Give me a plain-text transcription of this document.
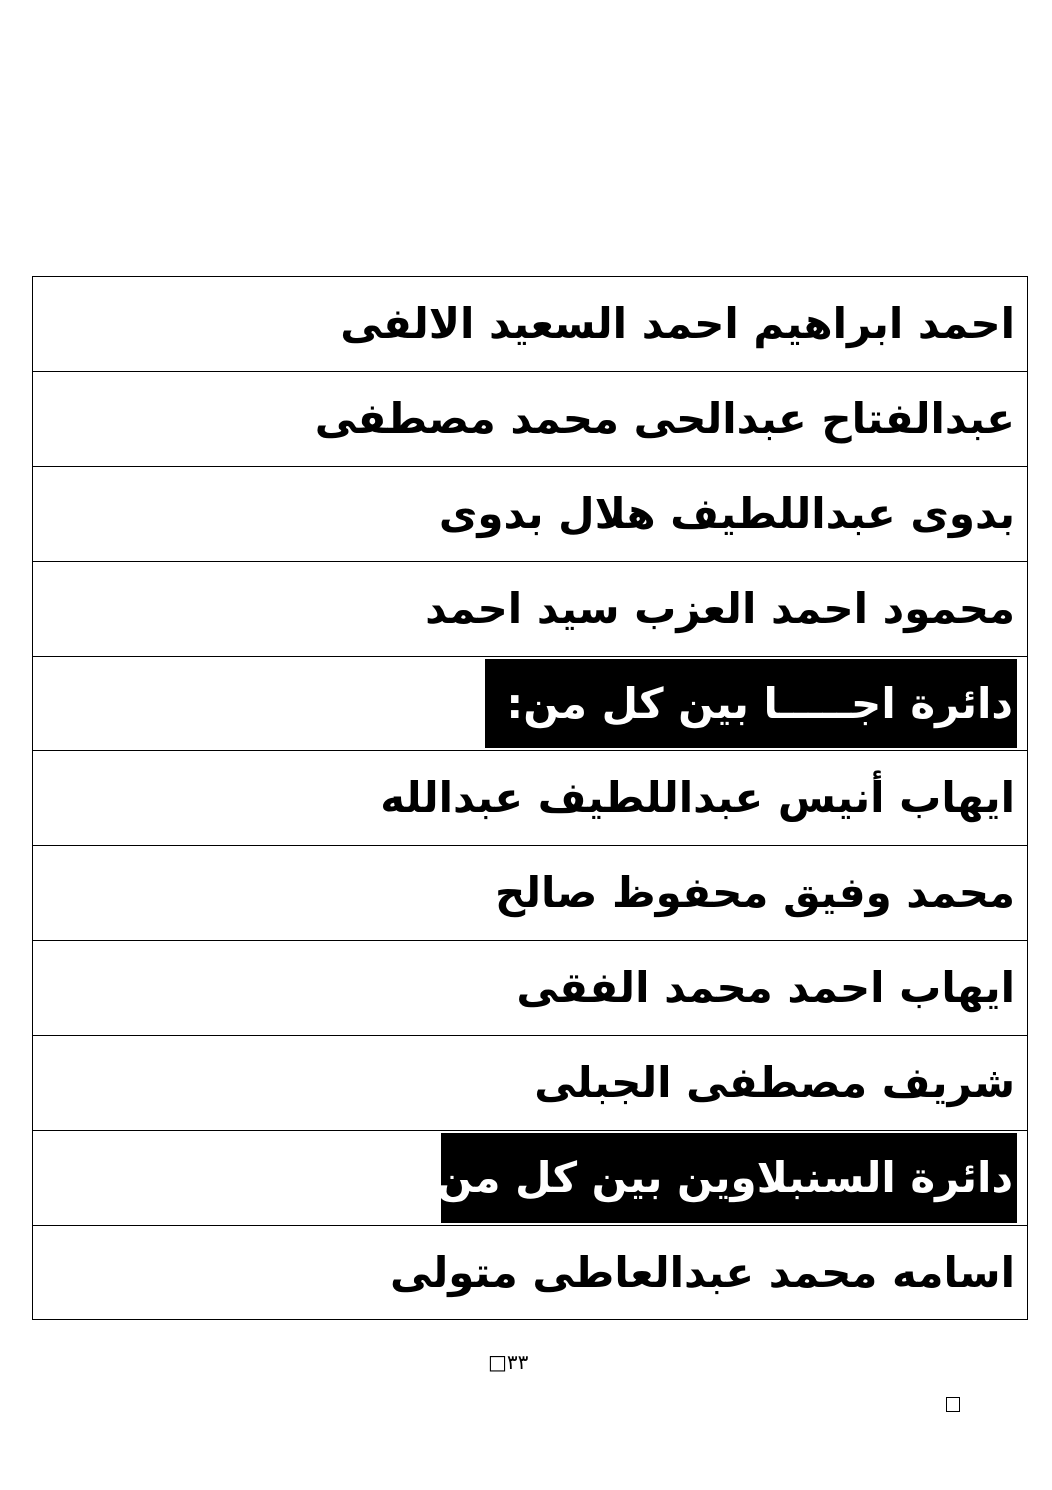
احمد ابراهيم احمد السعيد الالفى
عبدالفتاح عبدالحى محمد مصطفى
بدوى عبداللطيف هلال بدوى
محمود احمد العزب سيد احمد
دائرة اجـــــا بين كل من:
ايهاب أنيس عبداللطيف عبدالله
محمد وفيق محفوظ صالح
ايهاب احمد محمد الفقى
شريف مصطفى الجبلى
دائرة السنبلاوين بين كل من:
اسامه محمد عبدالعاطى متولى
□٣٣
